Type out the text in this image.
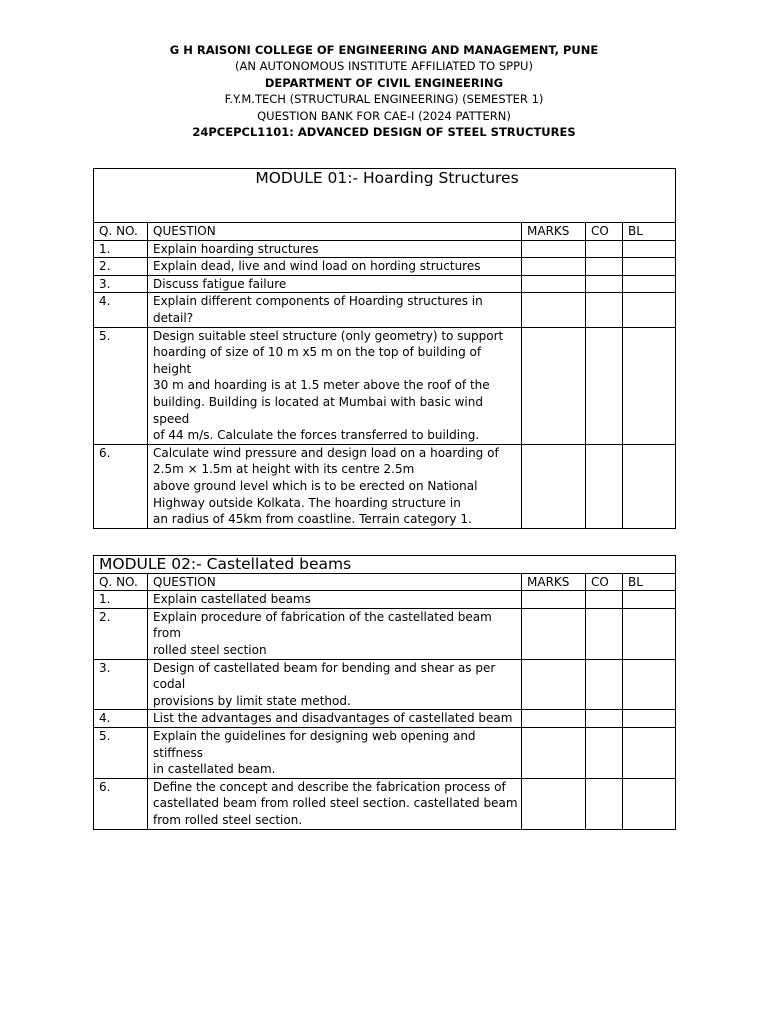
G H RAISONI COLLEGE OF ENGINEERING AND MANAGEMENT, PUNE
(AN AUTONOMOUS INSTITUTE AFFILIATED TO SPPU)
DEPARTMENT OF CIVIL ENGINEERING
F.Y.M.TECH (STRUCTURAL ENGINEERING) (SEMESTER 1)
QUESTION BANK FOR CAE-I (2024 PATTERN)
24PCEPCL1101: ADVANCED DESIGN OF STEEL STRUCTURES
MODULE 01:- Hoarding Structures				
Q. NO.	QUESTION	MARKS	CO	BL
1.	Explain hoarding structures			
2.	Explain dead, live and wind load on hording structures			
3.	Discuss fatigue failure			
4.	Explain different components of Hoarding structures in detail?			
5.	Design suitable steel structure (only geometry) to support
hoarding of size of 10 m x5 m on the top of building of height
30 m and hoarding is at 1.5 meter above the roof of the
building. Building is located at Mumbai with basic wind speed
of 44 m/s. Calculate the forces transferred to building.			
6.	Calculate wind pressure and design load on a hoarding of
2.5m × 1.5m at height with its centre 2.5m
above ground level which is to be erected on National
Highway outside Kolkata. The hoarding structure in
an radius of 45km from coastline. Terrain category 1.			
MODULE 02:- Castellated beams				
Q. NO.	QUESTION	MARKS	CO	BL
1.	Explain castellated beams			
2.	Explain procedure of fabrication of the castellated beam from
rolled steel section			
3.	Design of castellated beam for bending and shear as per codal
provisions by limit state method.			
4.	List the advantages and disadvantages of castellated beam			
5.	Explain the guidelines for designing web opening and stiffness
in castellated beam.			
6.	Define the concept and describe the fabrication process of
castellated beam from rolled steel section. castellated beam
from rolled steel section.			
